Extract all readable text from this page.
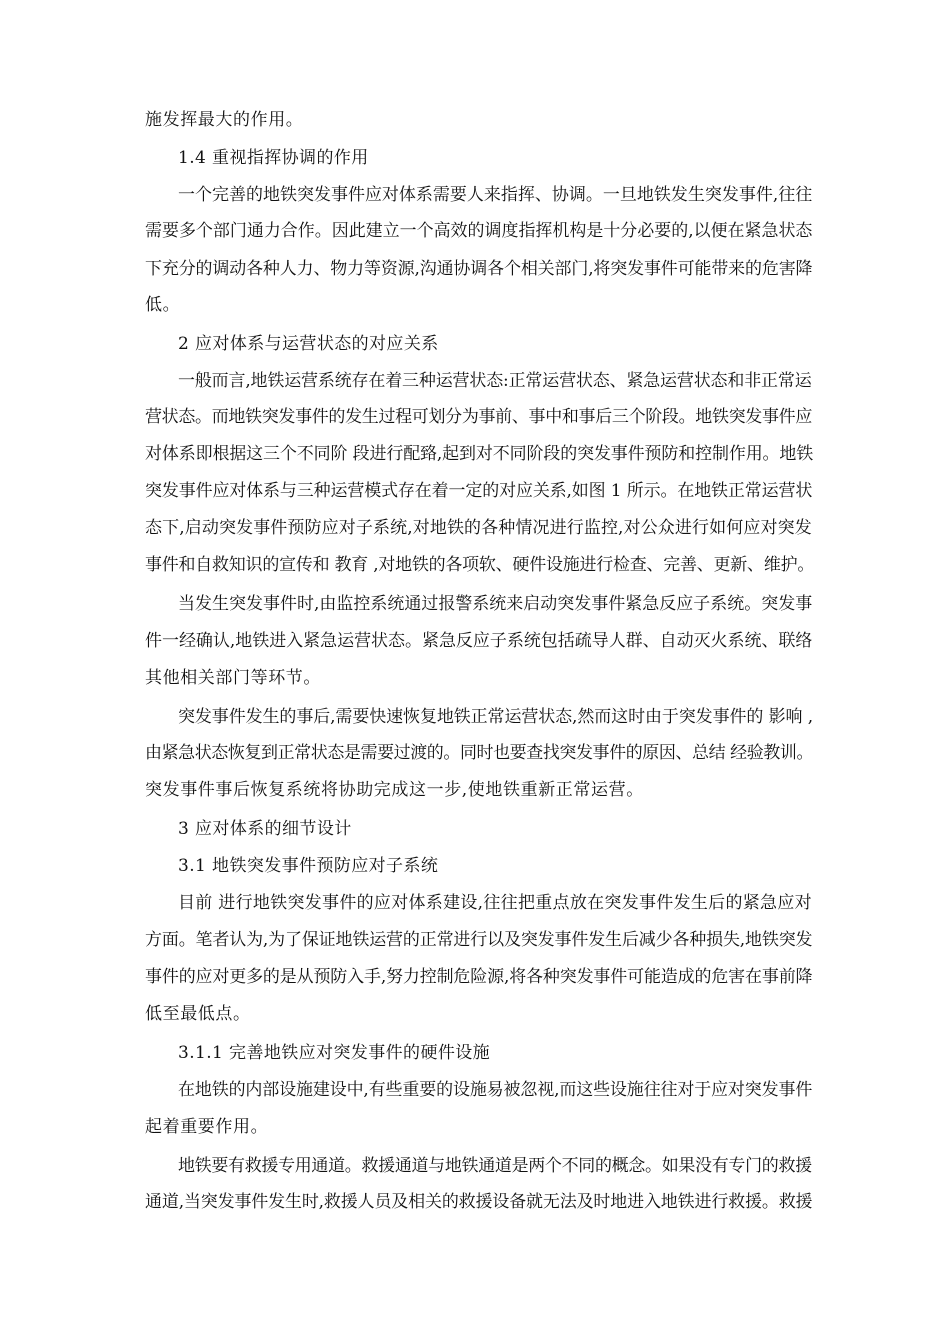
施发挥最大的作用。

1.4 重视指挥协调的作用

一个完善的地铁突发事件应对体系需要人来指挥、协调。一旦地铁发生突发事件,往往

需要多个部门通力合作。因此建立一个高效的调度指挥机构是十分必要的,以便在紧急状态

下充分的调动各种人力、物力等资源,沟通协调各个相关部门,将突发事件可能带来的危害降

低。

2 应对体系与运营状态的对应关系

一般而言,地铁运营系统存在着三种运营状态:正常运营状态、紧急运营状态和非正常运

营状态。而地铁突发事件的发生过程可划分为事前、事中和事后三个阶段。地铁突发事件应

对体系即根据这三个不同阶 段进行配臵,起到对不同阶段的突发事件预防和控制作用。地铁

突发事件应对体系与三种运营模式存在着一定的对应关系,如图 1 所示。在地铁正常运营状

态下,启动突发事件预防应对子系统,对地铁的各种情况进行监控,对公众进行如何应对突发

事件和自救知识的宣传和 教育 ,对地铁的各项软、硬件设施进行检查、完善、更新、维护。

当发生突发事件时,由监控系统通过报警系统来启动突发事件紧急反应子系统。突发事

件一经确认,地铁进入紧急运营状态。紧急反应子系统包括疏导人群、自动灭火系统、联络

其他相关部门等环节。

突发事件发生的事后,需要快速恢复地铁正常运营状态,然而这时由于突发事件的 影响 ,

由紧急状态恢复到正常状态是需要过渡的。同时也要查找突发事件的原因、总结 经验教训。

突发事件事后恢复系统将协助完成这一步,使地铁重新正常运营。

3 应对体系的细节设计

3.1 地铁突发事件预防应对子系统

目前 进行地铁突发事件的应对体系建设,往往把重点放在突发事件发生后的紧急应对

方面。笔者认为,为了保证地铁运营的正常进行以及突发事件发生后减少各种损失,地铁突发

事件的应对更多的是从预防入手,努力控制危险源,将各种突发事件可能造成的危害在事前降

低至最低点。

3.1.1 完善地铁应对突发事件的硬件设施

在地铁的内部设施建设中,有些重要的设施易被忽视,而这些设施往往对于应对突发事件

起着重要作用。

地铁要有救援专用通道。救援通道与地铁通道是两个不同的概念。如果没有专门的救援

通道,当突发事件发生时,救援人员及相关的救援设备就无法及时地进入地铁进行救援。救援
